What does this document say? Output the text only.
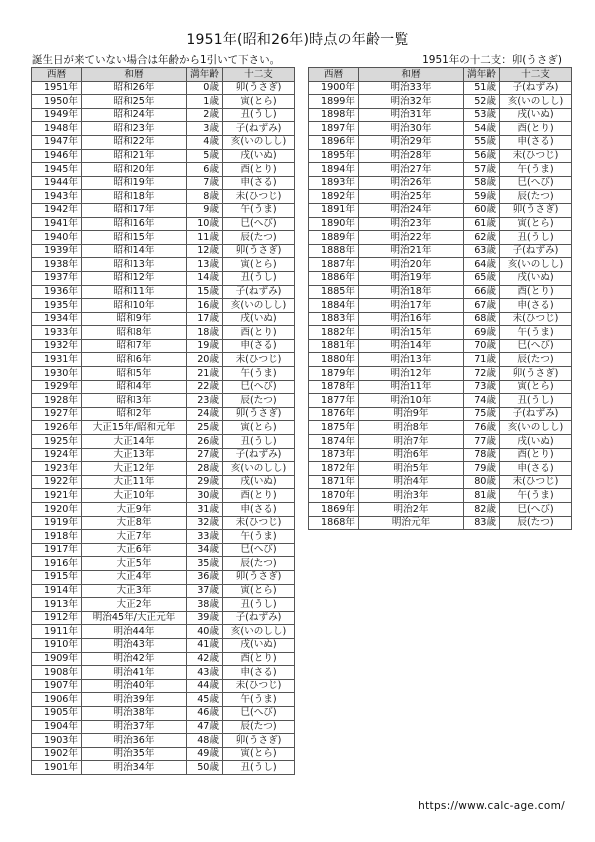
1951年(昭和26年)時点の年齢一覧
誕生日が来ていない場合は年齢から1引いて下さい。	1951年の十二支：卯(うさぎ)
西暦	和暦	満年齢	十二支
1951年	昭和26年	0歳	卯(うさぎ)
1950年	昭和25年	1歳	寅(とら)
1949年	昭和24年	2歳	丑(うし)
1948年	昭和23年	3歳	子(ねずみ)
1947年	昭和22年	4歳	亥(いのしし)
1946年	昭和21年	5歳	戌(いぬ)
1945年	昭和20年	6歳	酉(とり)
1944年	昭和19年	7歳	申(さる)
1943年	昭和18年	8歳	未(ひつじ)
1942年	昭和17年	9歳	午(うま)
1941年	昭和16年	10歳	巳(へび)
1940年	昭和15年	11歳	辰(たつ)
1939年	昭和14年	12歳	卯(うさぎ)
1938年	昭和13年	13歳	寅(とら)
1937年	昭和12年	14歳	丑(うし)
1936年	昭和11年	15歳	子(ねずみ)
1935年	昭和10年	16歳	亥(いのしし)
1934年	昭和9年	17歳	戌(いぬ)
1933年	昭和8年	18歳	酉(とり)
1932年	昭和7年	19歳	申(さる)
1931年	昭和6年	20歳	未(ひつじ)
1930年	昭和5年	21歳	午(うま)
1929年	昭和4年	22歳	巳(へび)
1928年	昭和3年	23歳	辰(たつ)
1927年	昭和2年	24歳	卯(うさぎ)
1926年	大正15年/昭和元年	25歳	寅(とら)
1925年	大正14年	26歳	丑(うし)
1924年	大正13年	27歳	子(ねずみ)
1923年	大正12年	28歳	亥(いのしし)
1922年	大正11年	29歳	戌(いぬ)
1921年	大正10年	30歳	酉(とり)
1920年	大正9年	31歳	申(さる)
1919年	大正8年	32歳	未(ひつじ)
1918年	大正7年	33歳	午(うま)
1917年	大正6年	34歳	巳(へび)
1916年	大正5年	35歳	辰(たつ)
1915年	大正4年	36歳	卯(うさぎ)
1914年	大正3年	37歳	寅(とら)
1913年	大正2年	38歳	丑(うし)
1912年	明治45年/大正元年	39歳	子(ねずみ)
1911年	明治44年	40歳	亥(いのしし)
1910年	明治43年	41歳	戌(いぬ)
1909年	明治42年	42歳	酉(とり)
1908年	明治41年	43歳	申(さる)
1907年	明治40年	44歳	未(ひつじ)
1906年	明治39年	45歳	午(うま)
1905年	明治38年	46歳	巳(へび)
1904年	明治37年	47歳	辰(たつ)
1903年	明治36年	48歳	卯(うさぎ)
1902年	明治35年	49歳	寅(とら)
1901年	明治34年	50歳	丑(うし)
西暦	和暦	満年齢	十二支
1900年	明治33年	51歳	子(ねずみ)
1899年	明治32年	52歳	亥(いのしし)
1898年	明治31年	53歳	戌(いぬ)
1897年	明治30年	54歳	酉(とり)
1896年	明治29年	55歳	申(さる)
1895年	明治28年	56歳	未(ひつじ)
1894年	明治27年	57歳	午(うま)
1893年	明治26年	58歳	巳(へび)
1892年	明治25年	59歳	辰(たつ)
1891年	明治24年	60歳	卯(うさぎ)
1890年	明治23年	61歳	寅(とら)
1889年	明治22年	62歳	丑(うし)
1888年	明治21年	63歳	子(ねずみ)
1887年	明治20年	64歳	亥(いのしし)
1886年	明治19年	65歳	戌(いぬ)
1885年	明治18年	66歳	酉(とり)
1884年	明治17年	67歳	申(さる)
1883年	明治16年	68歳	未(ひつじ)
1882年	明治15年	69歳	午(うま)
1881年	明治14年	70歳	巳(へび)
1880年	明治13年	71歳	辰(たつ)
1879年	明治12年	72歳	卯(うさぎ)
1878年	明治11年	73歳	寅(とら)
1877年	明治10年	74歳	丑(うし)
1876年	明治9年	75歳	子(ねずみ)
1875年	明治8年	76歳	亥(いのしし)
1874年	明治7年	77歳	戌(いぬ)
1873年	明治6年	78歳	酉(とり)
1872年	明治5年	79歳	申(さる)
1871年	明治4年	80歳	未(ひつじ)
1870年	明治3年	81歳	午(うま)
1869年	明治2年	82歳	巳(へび)
1868年	明治元年	83歳	辰(たつ)
https://www.calc-age.com/
